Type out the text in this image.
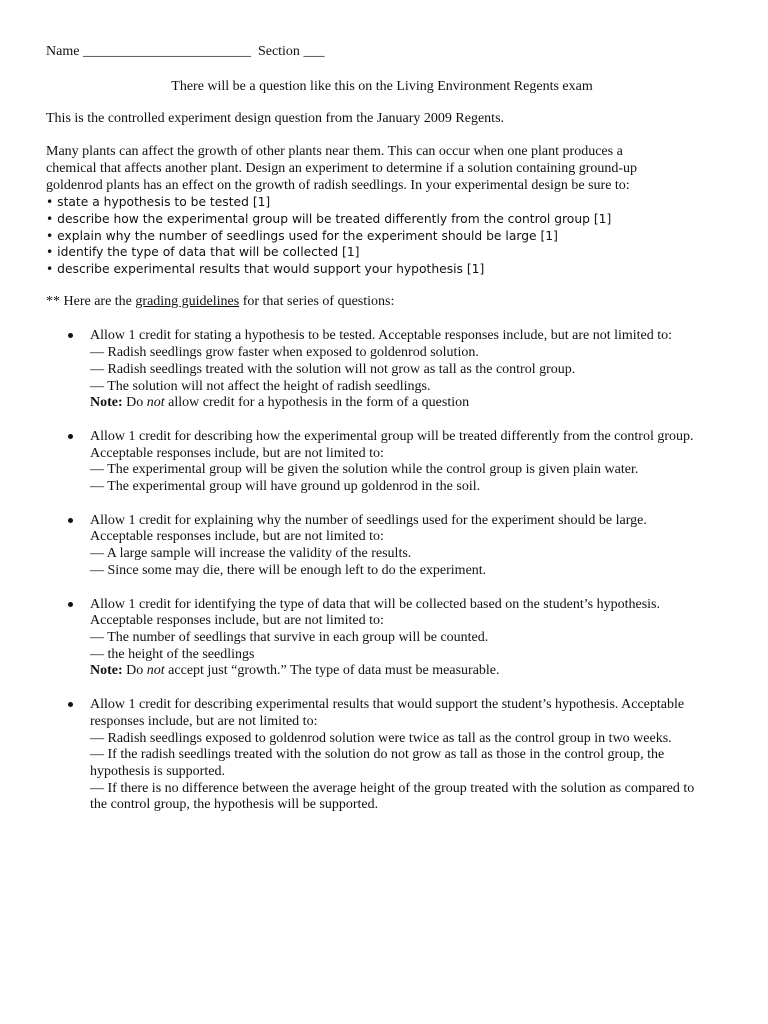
Name ________________________ Section ___

There will be a question like this on the Living Environment Regents exam

This is the controlled experiment design question from the January 2009 Regents.

Many plants can affect the growth of other plants near them. This can occur when one plant produces a

chemical that affects another plant. Design an experiment to determine if a solution containing ground-up

goldenrod plants has an effect on the growth of radish seedlings. In your experimental design be sure to:

• state a hypothesis to be tested [1]
• describe how the experimental group will be treated differently from the control group [1]
• explain why the number of seedlings used for the experiment should be large [1]
• identify the type of data that will be collected [1]
• describe experimental results that would support your hypothesis [1]

** Here are the grading guidelines for that series of questions:

Allow 1 credit for stating a hypothesis to be tested. Acceptable responses include, but are not limited to:

— Radish seedlings grow faster when exposed to goldenrod solution.

— Radish seedlings treated with the solution will not grow as tall as the control group.

— The solution will not affect the height of radish seedlings.

Note: Do not allow credit for a hypothesis in the form of a question

Allow 1 credit for describing how the experimental group will be treated differently from the control group.

Acceptable responses include, but are not limited to:

— The experimental group will be given the solution while the control group is given plain water.

— The experimental group will have ground up goldenrod in the soil.

Allow 1 credit for explaining why the number of seedlings used for the experiment should be large.

Acceptable responses include, but are not limited to:

— A large sample will increase the validity of the results.

— Since some may die, there will be enough left to do the experiment.

Allow 1 credit for identifying the type of data that will be collected based on the student’s hypothesis.

Acceptable responses include, but are not limited to:

— The number of seedlings that survive in each group will be counted.

— the height of the seedlings

Note: Do not accept just “growth.” The type of data must be measurable.

Allow 1 credit for describing experimental results that would support the student’s hypothesis. Acceptable

responses include, but are not limited to:

— Radish seedlings exposed to goldenrod solution were twice as tall as the control group in two weeks.

— If the radish seedlings treated with the solution do not grow as tall as those in the control group, the

hypothesis is supported.

— If there is no difference between the average height of the group treated with the solution as compared to

the control group, the hypothesis will be supported.
